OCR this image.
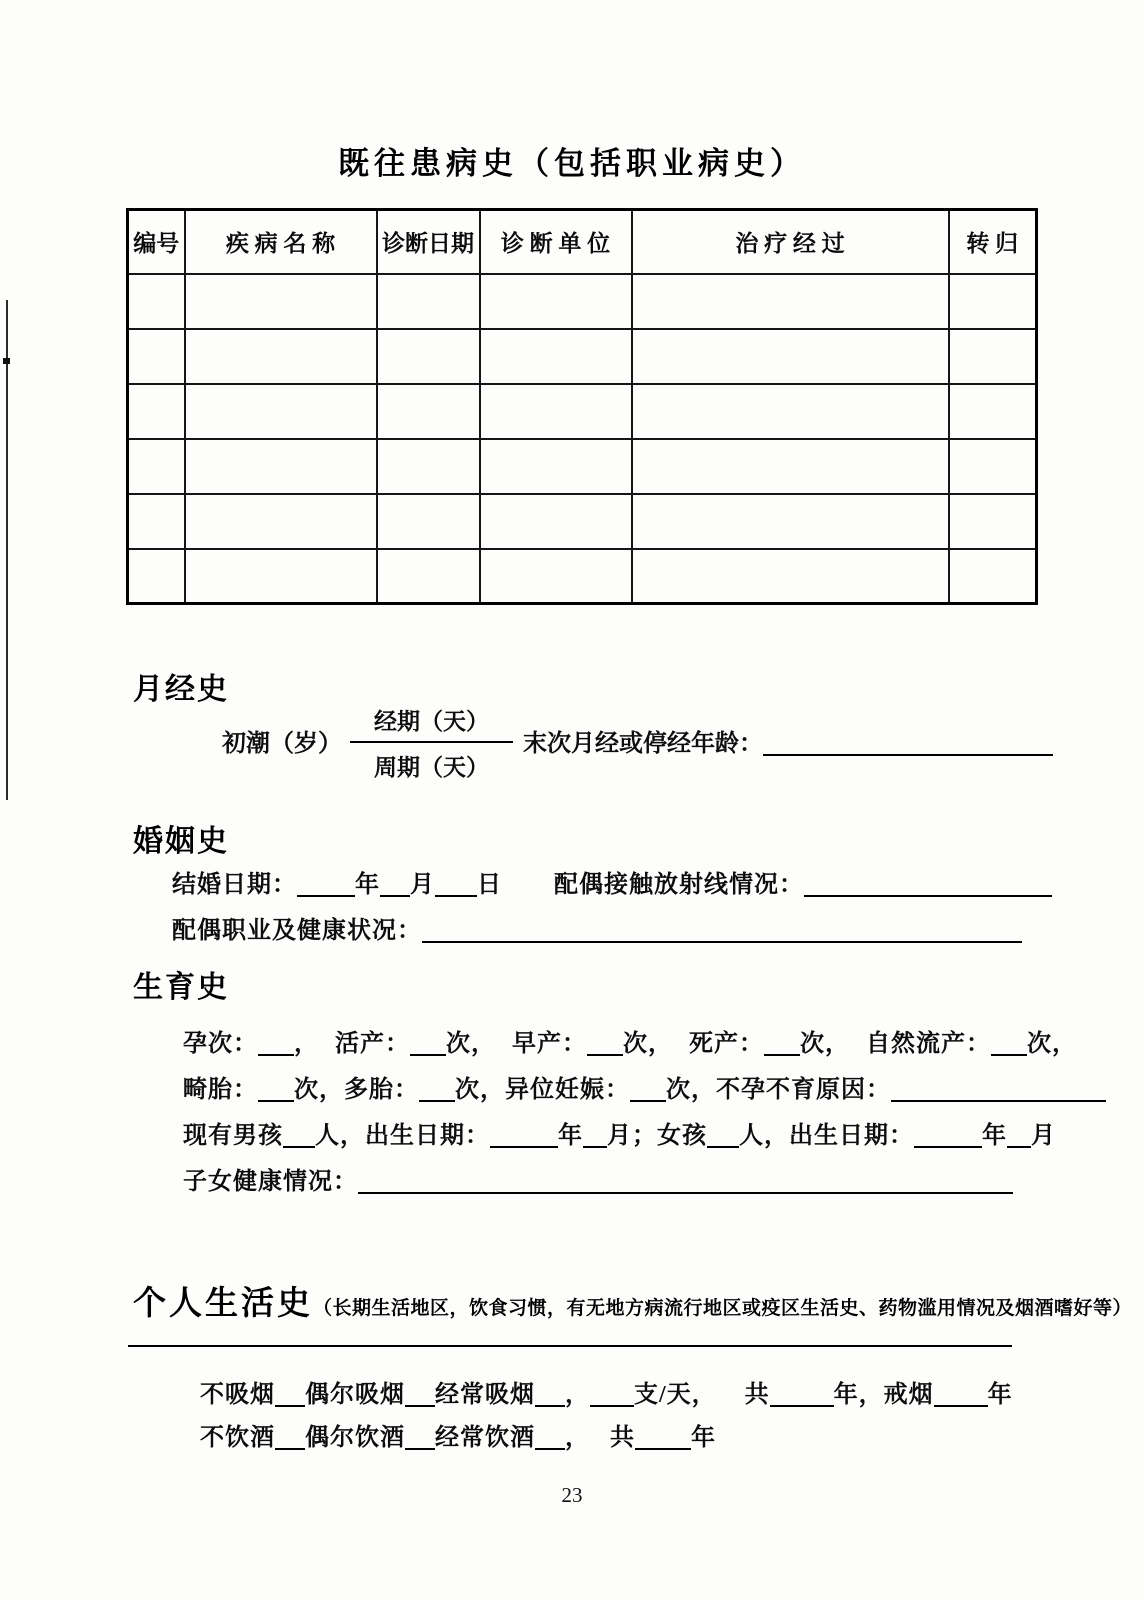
既往患病史（包括职业病史）
编号	疾 病 名 称	诊断日期	诊 断 单 位	治 疗 经 过	转 归

月经史
初潮（岁） $\frac{\text{经期（天）}}{\text{周期（天）}}$ 末次月经或停经年龄：
婚姻史
结婚日期： 年 月 日 配偶接触放射线情况：
配偶职业及健康状况：
生育史
孕次： ， 活产： 次， 早产： 次， 死产： 次， 自然流产： 次，
畸胎： 次，多胎： 次，异位妊娠： 次，不孕不育原因：
现有男孩 人，出生日期：	年 月；女孩 人，出生日期：	年 月
子女健康情况：
个人生活史（长期生活地区，饮食习惯，有无地方病流行地区或疫区生活史、药物滥用情况及烟酒嗜好等）
不吸烟 偶尔吸烟 经常吸烟 ， 支/天， 共	年，戒烟 年
不饮酒 偶尔饮酒 经常饮酒 ， 共 年
23
